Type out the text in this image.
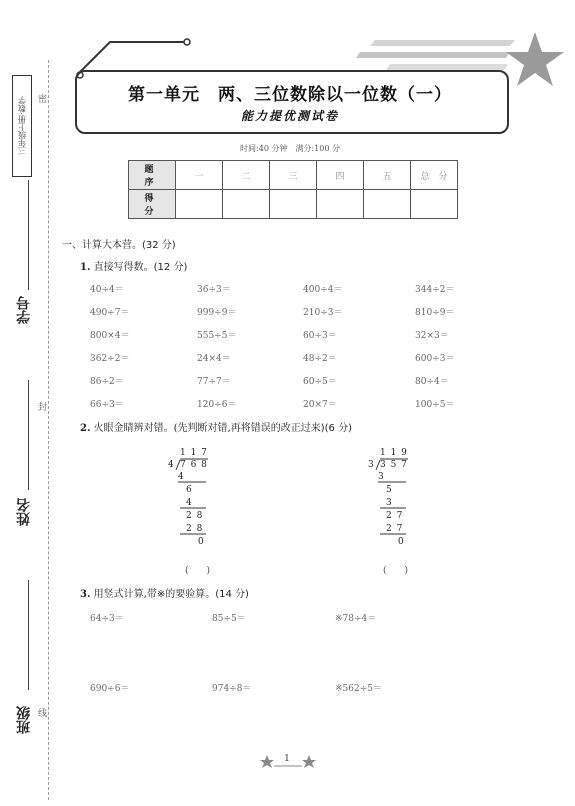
三年级上册·数学	密
封
线
学号
姓名
班级
第一单元　两、三位数除以一位数（一）
能力提优测试卷
时间:40 分钟　满分:100 分
题　序	一	二	三	四	五	总　分
得　分						
一、计算大本营。(32 分)
1. 直接写得数。(12 分)
40÷4＝	36÷3＝	400÷4＝	344÷2＝
490÷7＝	999÷9＝	210÷3＝	810÷9＝
800×4＝	555÷5＝	60÷3＝	32×3＝
362÷2＝	24×4＝	48÷2＝	600÷3＝
86÷2＝	77÷7＝	60÷5＝	80÷4＝
66÷3＝	120÷6＝	20×7＝	100÷5＝
2. 火眼金睛辨对错。(先判断对错,再将错误的改正过来)(6 分)
1 1 7
4 7 6 8
4
6
4
2 8
2 8
0
1 1 9
3 3 5 7
3
5
3
2 7
2 7
0
(　　)	(　　)
3. 用竖式计算,带※的要验算。(14 分)
64÷3＝	85÷5＝	※78÷4＝
690÷6＝	974÷8＝	※562÷5＝
1
